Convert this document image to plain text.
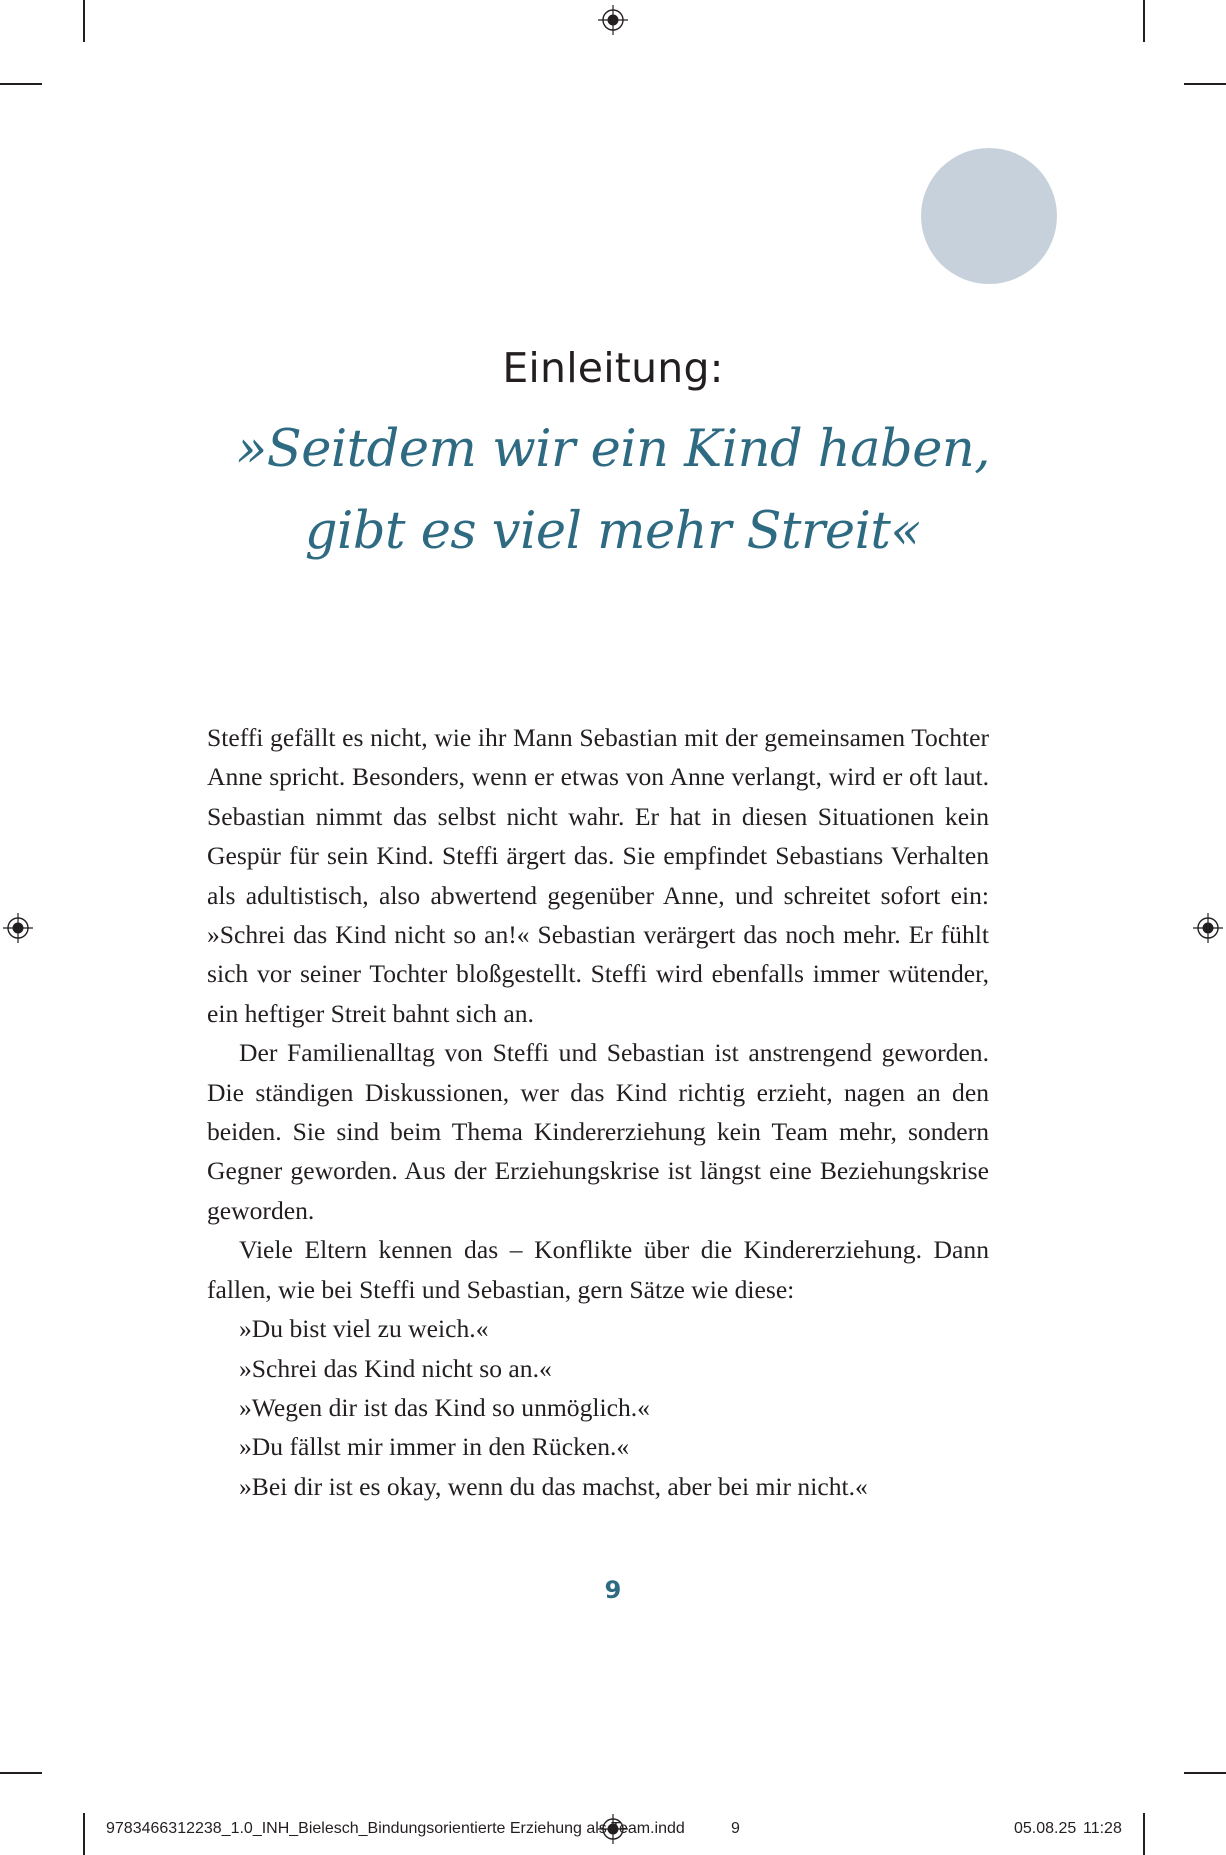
Einleitung:
»Seitdem wir ein Kind haben,
gibt es viel mehr Streit«

Steffi gefällt es nicht, wie ihr Mann Sebastian mit der gemeinsamen Tochter Anne spricht. Besonders, wenn er etwas von Anne verlangt, wird er oft laut. Sebastian nimmt das selbst nicht wahr. Er hat in diesen Situationen kein Gespür für sein Kind. Steffi ärgert das. Sie empfindet Sebastians Verhalten als adultistisch, also abwertend gegenüber Anne, und schreitet sofort ein: »Schrei das Kind nicht so an!« Sebastian verärgert das noch mehr. Er fühlt sich vor seiner Tochter bloßgestellt. Steffi wird ebenfalls immer wütender, ein heftiger Streit bahnt sich an.

Der Familienalltag von Steffi und Sebastian ist anstrengend geworden. Die ständigen Diskussionen, wer das Kind richtig erzieht, nagen an den beiden. Sie sind beim Thema Kindererziehung kein Team mehr, sondern Gegner geworden. Aus der Erziehungskrise ist längst eine Beziehungskrise geworden.

Viele Eltern kennen das – Konflikte über die Kindererziehung. Dann fallen, wie bei Steffi und Sebastian, gern Sätze wie diese:

»Du bist viel zu weich.«
»Schrei das Kind nicht so an.«
»Wegen dir ist das Kind so unmöglich.«
»Du fällst mir immer in den Rücken.«
»Bei dir ist es okay, wenn du das machst, aber bei mir nicht.«
9
9783466312238_1.0_INH_Bielesch_Bindungsorientierte Erziehung als Team.indd	9	05.08.25 11:28
